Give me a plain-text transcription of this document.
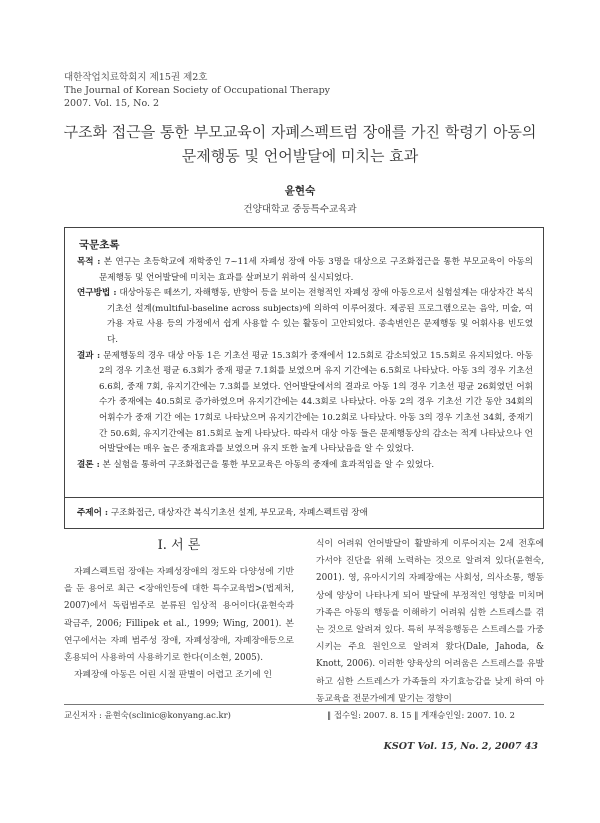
대한작업치료학회지 제15권 제2호
The Journal of Korean Society of Occupational Therapy
2007. Vol. 15, No. 2
구조화 접근을 통한 부모교육이 자폐스펙트럼 장애를 가진 학령기 아동의
문제행동 및 언어발달에 미치는 효과
윤현숙
건양대학교 중등특수교육과
국문초록

목적 : 본 연구는 초등학교에 재학중인 7~11세 자폐성 장애 아동 3명을 대상으로 구조화접근을 통한 부모교육이 아동의 문제행동 및 언어발달에 미치는 효과를 살펴보기 위하여 실시되었다.

연구방법 : 대상아동은 떼쓰기, 자해행동, 반향어 등을 보이는 전형적인 자폐성 장애 아동으로서 실험설계는 대상자간 복식기초선 설계(multiful-baseline across subjects)에 의하여 이루어졌다. 제공된 프로그램으로는 음악, 미술, 여가용 자료 사용 등의 가정에서 쉽게 사용할 수 있는 활동이 고안되었다. 종속변인은 문제행동 및 어휘사용 빈도였다.

결과 : 문제행동의 경우 대상 아동 1은 기초선 평균 15.3회가 중재에서 12.5회로 감소되었고 15.5회로 유지되었다. 아동 2의 경우 기초선 평균 6.3회가 중재 평균 7.1회를 보였으며 유지 기간에는 6.5회로 나타났다. 아동 3의 경우 기초선 6.6회, 중재 7회, 유지기간에는 7.3회를 보였다. 언어발달에서의 결과로 아동 1의 경우 기초선 평균 26회였던 어휘수가 중재에는 40.5회로 증가하였으며 유지기간에는 44.3회로 나타났다. 아동 2의 경우 기초선 기간 동안 34회의 어휘수가 중재 기간 에는 17회로 나타났으며 유지기간에는 10.2회로 나타났다. 아동 3의 경우 기초선 34회, 중재기간 50.6회, 유지기간에는 81.5회로 높게 나타났다. 따라서 대상 아동 들은 문제행동상의 감소는 적게 나타났으나 언어발달에는 매우 높은 중재효과를 보였으며 유지 또한 높게 나타났음을 알 수 있었다.

결론 : 본 실험을 통하여 구조화접근을 통한 부모교육은 아동의 중재에 효과적임을 알 수 있었다.

주제어 : 구조화접근, 대상자간 복식기초선 설계, 부모교육, 자폐스펙트럼 장애
Ⅰ. 서 론

자폐스펙트럼 장애는 자폐성장애의 정도와 다양성에 기반을 둔 용어로 최근 <장애인등에 대한 특수교육법>(법제처, 2007)에서 독립범주로 분류된 임상적 용어이다(윤현숙과 곽금주, 2006; Fillipek et al., 1999; Wing, 2001). 본 연구에서는 자폐 범주성 장애, 자폐성장애, 자폐장애등으로 혼용되어 사용하여 사용하기로 한다(이소현, 2005).

자폐장애 아동은 어린 시절 판별이 어렵고 조기에 인

식이 어려워 언어발달이 활발하게 이루어지는 2세 전후에 가서야 진단을 위해 노력하는 것으로 알려져 있다(윤현숙, 2001). 영, 유아시기의 자폐장애는 사회성, 의사소통, 행동상에 양상이 나타나게 되어 발달에 부정적인 영향을 미치며 가족은 아동의 행동을 이해하기 어려워 심한 스트레스를 겪는 것으로 알려져 있다. 특히 부적응행동은 스트레스를 가중시키는 주요 원인으로 알려져 왔다(Dale, Jahoda, & Knott, 2006). 이러한 양육상의 어려움은 스트레스를 유발하고 심한 스트레스가 가족들의 자기효능감을 낮게 하여 아동교육을 전문가에게 맡기는 경향이

교신저자 : 윤현숙(sclinic@konyang.ac.kr)	‖ 접수일: 2007. 8. 15 ‖ 게재승인일: 2007. 10. 2
KSOT Vol. 15, No. 2, 2007 43
